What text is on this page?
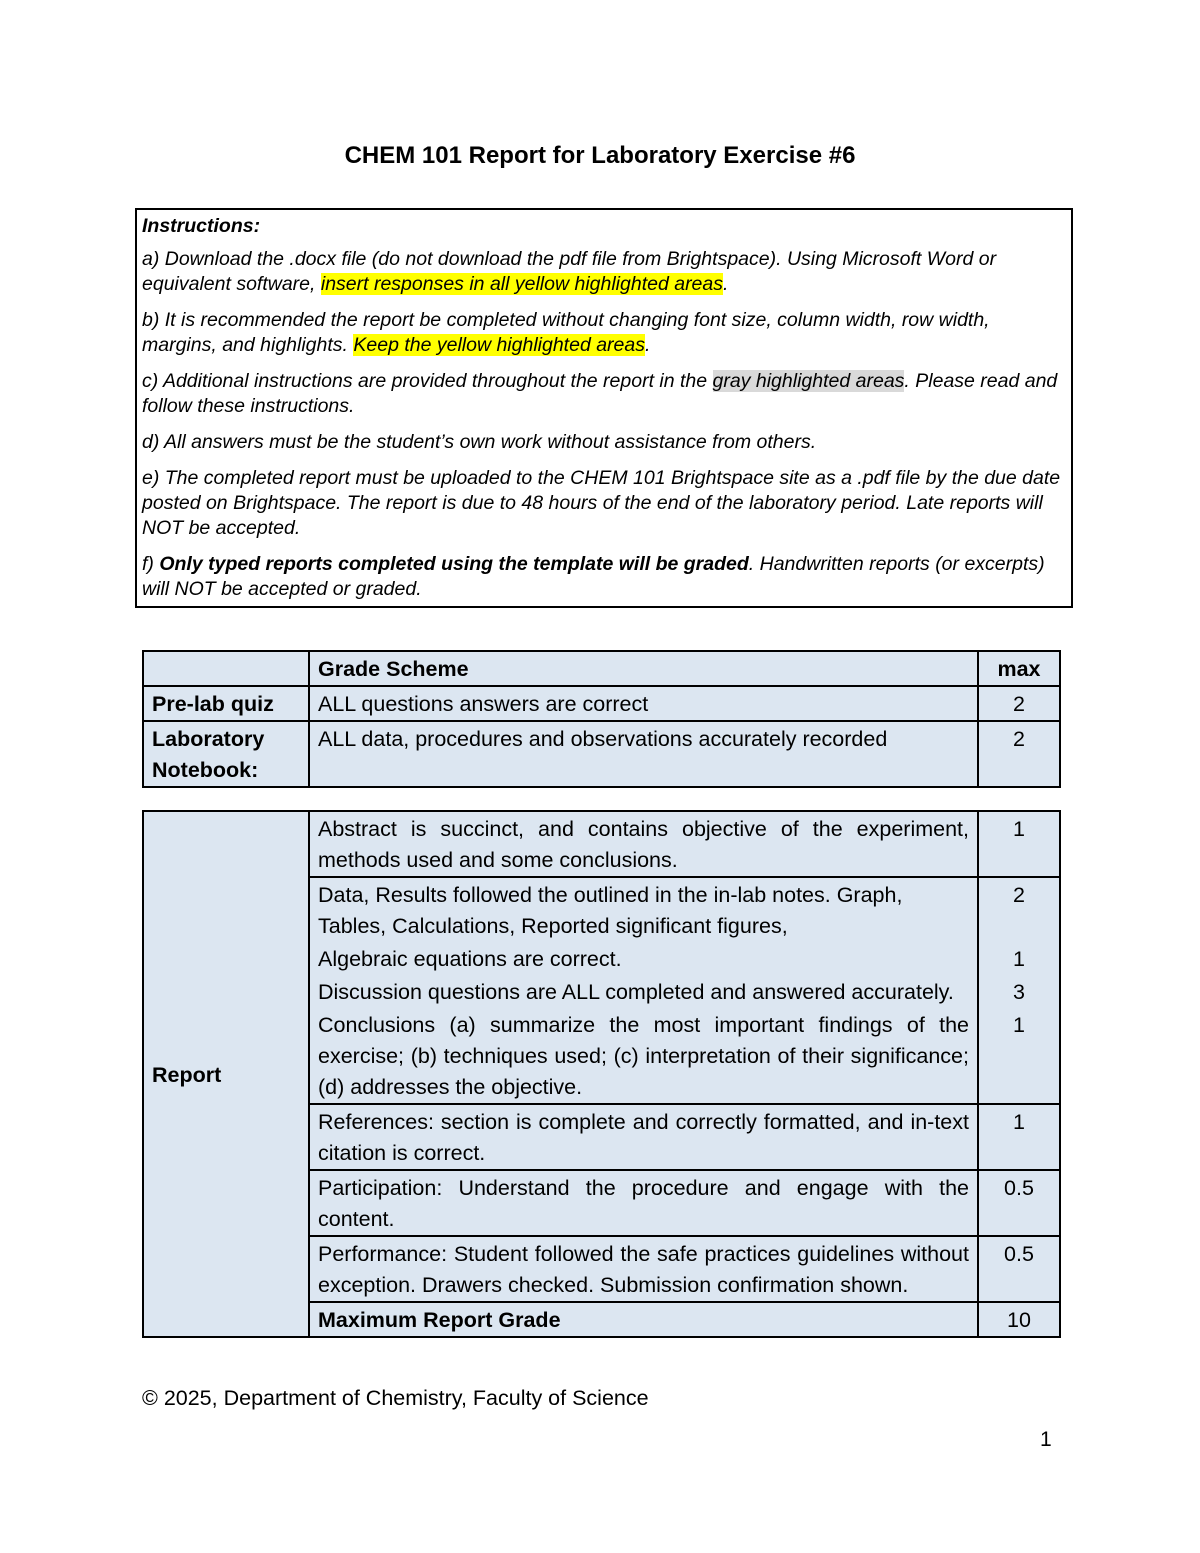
CHEM 101 Report for Laboratory Exercise #6

Instructions:

a) Download the .docx file (do not download the pdf file from Brightspace). Using Microsoft Word or equivalent software, insert responses in all yellow highlighted areas.

b) It is recommended the report be completed without changing font size, column width, row width, margins, and highlights. Keep the yellow highlighted areas.

c) Additional instructions are provided throughout the report in the gray highlighted areas. Please read and follow these instructions.

d) All answers must be the student’s own work without assistance from others.

e) The completed report must be uploaded to the CHEM 101 Brightspace site as a .pdf file by the due date posted on Brightspace. The report is due to 48 hours of the end of the laboratory period. Late reports will NOT be accepted.

f) Only typed reports completed using the template will be graded. Handwritten reports (or excerpts) will NOT be accepted or graded.

	Grade Scheme	max
Pre-lab quiz	ALL questions answers are correct	2
Laboratory Notebook:	ALL data, procedures and observations accurately recorded	2
Report	Abstract is succinct, and contains objective of the experiment, methods used and some conclusions.	1
	Data, Results followed the outlined in the in-lab notes. Graph, Tables, Calculations, Reported significant figures,	2
	Algebraic equations are correct.	1
	Discussion questions are ALL completed and answered accurately.	3
	Conclusions (a) summarize the most important findings of the exercise; (b) techniques used; (c) interpretation of their significance; (d) addresses the objective.	1
	References: section is complete and correctly formatted, and in-text citation is correct.	1
	Participation: Understand the procedure and engage with the content.	0.5
	Performance: Student followed the safe practices guidelines without exception. Drawers checked. Submission confirmation shown.	0.5
	Maximum Report Grade	10
© 2025, Department of Chemistry, Faculty of Science
1
